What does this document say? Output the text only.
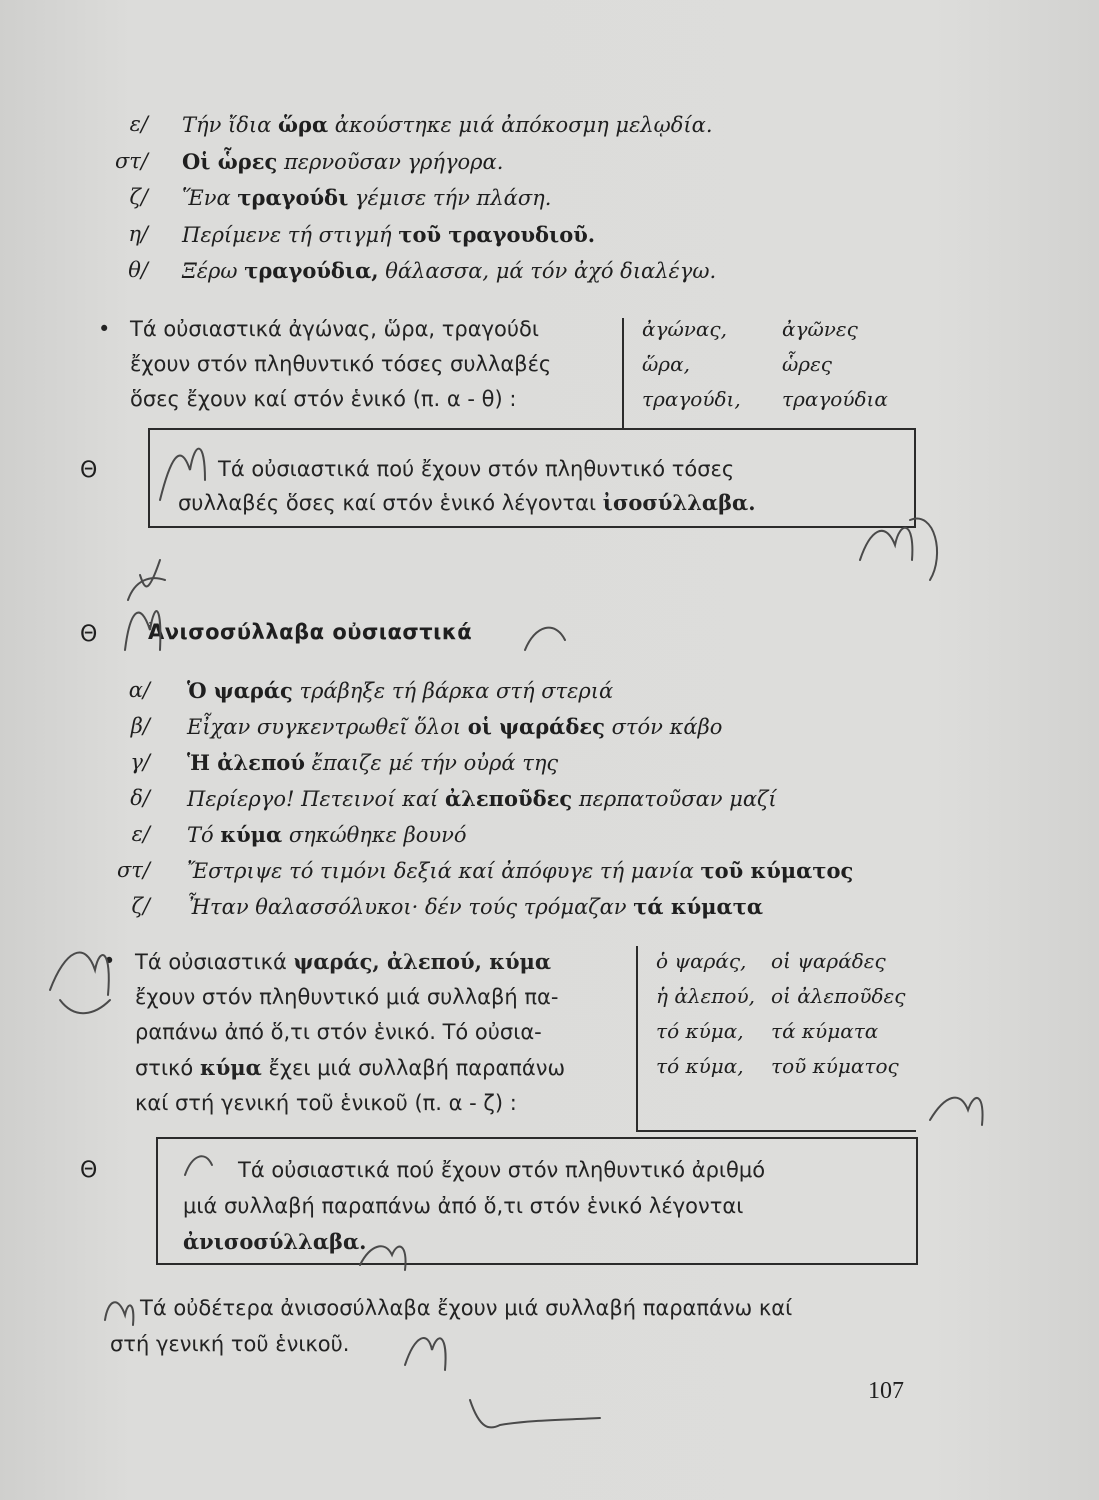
ε/ Τήν ἴδια ὥρα ἀκούστηκε μιά ἀπόκοσμη μελῳδία.
στ/ Οἱ ὧρες περνοῦσαν γρήγορα.
ζ/ Ἕνα τραγούδι γέμισε τήν πλάση.
η/ Περίμενε τή στιγμή τοῦ τραγουδιοῦ.
θ/ Ξέρω τραγούδια, θάλασσα, μά τόν ἀχό διαλέγω.
• Τά οὐσιαστικά ἀγώνας, ὥρα, τραγούδι
ἔχουν στόν πληθυντικό τόσες συλλαβές
ὅσες ἔχουν καί στόν ἑνικό (π. α - θ) :
ἀγώνας,	ἀγῶνες
ὥρα,	ὧρες
τραγούδι,	τραγούδια
Θ	Τά οὐσιαστικά πού ἔχουν στόν πληθυντικό τόσες
συλλαβές ὅσες καί στόν ἑνικό λέγονται ἰσοσύλλαβα.
Θ Ἀνισοσύλλαβα οὐσιαστικά
α/ Ὁ ψαράς τράβηξε τή βάρκα στή στεριά
β/ Εἶχαν συγκεντρωθεῖ ὅλοι οἱ ψαράδες στόν κάβο
γ/ Ἡ ἀλεπού ἔπαιζε μέ τήν οὐρά της
δ/ Περίεργο! Πετεινοί καί ἀλεποῦδες περπατοῦσαν μαζί
ε/ Τό κύμα σηκώθηκε βουνό
στ/ Ἔστριψε τό τιμόνι δεξιά καί ἀπόφυγε τή μανία τοῦ κύματος
ζ/ Ἦταν θαλασσόλυκοι· δέν τούς τρόμαζαν τά κύματα
• Τά οὐσιαστικά ψαράς, ἀλεπού, κύμα
ἔχουν στόν πληθυντικό μιά συλλαβή πα-
ραπάνω ἀπό ὅ,τι στόν ἑνικό. Τό οὐσια-
στικό κύμα ἔχει μιά συλλαβή παραπάνω
καί στή γενική τοῦ ἑνικοῦ (π. α - ζ) :
ὁ ψαράς,	οἱ ψαράδες
ἡ ἀλεπού, οἱ ἀλεποῦδες
τό κύμα,	τά κύματα
τό κύμα,	τοῦ κύματος
Θ	Τά οὐσιαστικά πού ἔχουν στόν πληθυντικό ἀριθμό
μιά συλλαβή παραπάνω ἀπό ὅ,τι στόν ἑνικό λέγονται
ἀνισοσύλλαβα.
Τά οὐδέτερα ἀνισοσύλλαβα ἔχουν μιά συλλαβή παραπάνω καί
στή γενική τοῦ ἑνικοῦ.
107
